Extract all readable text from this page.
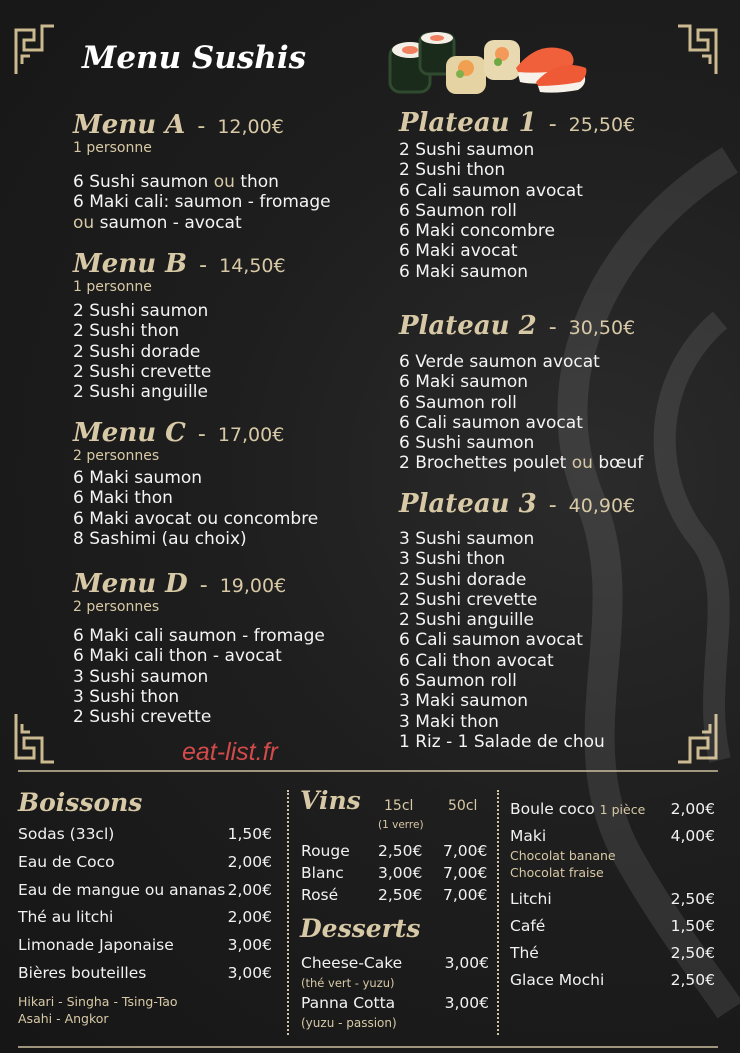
Menu Sushis
Menu A - 12,00€
1 personne
6 Sushi saumon ou thon
6 Maki cali: saumon - fromage
ou saumon - avocat
Menu B - 14,50€
1 personne
2 Sushi saumon
2 Sushi thon
2 Sushi dorade
2 Sushi crevette
2 Sushi anguille
Menu C - 17,00€
2 personnes
6 Maki saumon
6 Maki thon
6 Maki avocat ou concombre
8 Sashimi (au choix)
Menu D - 19,00€
2 personnes
6 Maki cali saumon - fromage
6 Maki cali thon - avocat
3 Sushi saumon
3 Sushi thon
2 Sushi crevette
Plateau 1 - 25,50€
2 Sushi saumon
2 Sushi thon
6 Cali saumon avocat
6 Saumon roll
6 Maki concombre
6 Maki avocat
6 Maki saumon
Plateau 2 - 30,50€
6 Verde saumon avocat
6 Maki saumon
6 Saumon roll
6 Cali saumon avocat
6 Sushi saumon
2 Brochettes poulet ou bœuf
Plateau 3 - 40,90€
3 Sushi saumon
3 Sushi thon
2 Sushi dorade
2 Sushi crevette
2 Sushi anguille
6 Cali saumon avocat
6 Cali thon avocat
6 Saumon roll
3 Maki saumon
3 Maki thon
1 Riz - 1 Salade de chou
eat-list.fr
Boissons
Sodas (33cl)	1,50€
Eau de Coco	2,00€
Eau de mangue ou ananas 2,00€
Thé au litchi	2,00€
Limonade Japonaise	3,00€
Bières bouteilles	3,00€
Hikari - Singha - Tsing-Tao
Asahi - Angkor
Vins 15cl
(1 verre)
50cl
Rouge 2,50€ 7,00€
Blanc 3,00€ 7,00€
Rosé	2,50€ 7,00€
Desserts
Cheese-Cake	3,00€
(thé vert - yuzu)
Panna Cotta	3,00€
(yuzu - passion)
Boule coco 1 pièce 2,00€
Maki	4,00€
Chocolat banane
Chocolat fraise
Litchi	2,50€
Café	1,50€
Thé	2,50€
Glace Mochi	2,50€
